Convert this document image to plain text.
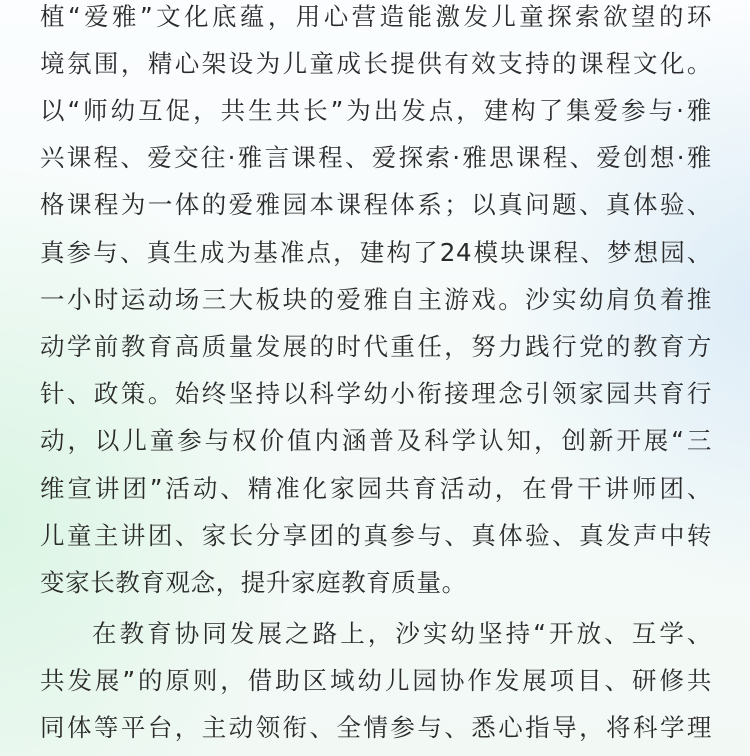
植“爱雅”文化底蕴，用心营造能激发儿童探索欲望的环
境氛围，精心架设为儿童成长提供有效支持的课程文化。
以“师幼互促，共生共长”为出发点，建构了集爱参与·雅
兴课程、爱交往·雅言课程、爱探索·雅思课程、爱创想·雅
格课程为一体的爱雅园本课程体系；以真问题、真体验、
真参与、真生成为基准点，建构了24模块课程、梦想园、
一小时运动场三大板块的爱雅自主游戏。沙实幼肩负着推
动学前教育高质量发展的时代重任，努力践行党的教育方
针、政策。始终坚持以科学幼小衔接理念引领家园共育行
动，以儿童参与权价值内涵普及科学认知，创新开展“三
维宣讲团”活动、精准化家园共育活动，在骨干讲师团、
儿童主讲团、家长分享团的真参与、真体验、真发声中转
变家长教育观念，提升家庭教育质量。
在教育协同发展之路上，沙实幼坚持“开放、互学、
共发展”的原则，借助区域幼儿园协作发展项目、研修共
同体等平台，主动领衔、全情参与、悉心指导，将科学理
